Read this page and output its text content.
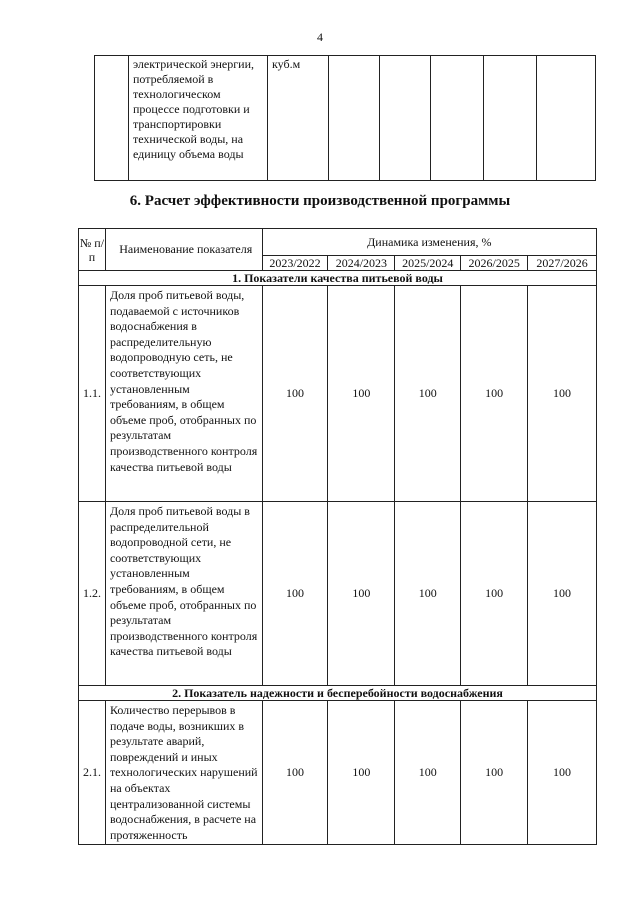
4
	электрической энергии, потребляемой в технологическом процессе подготовки и транспортировки технической воды, на единицу объема воды	куб.м					
6. Расчет эффективности производственной программы
№ п/п	Наименование показателя	Динамика изменения, %				
		2023/2022	2024/2023	2025/2024	2026/2025	2027/2026
1. Показатели качества питьевой воды						
1.1.	Доля проб питьевой воды, подаваемой с источников водоснабжения в распределительную водопроводную сеть, не соответствующих установленным требованиям, в общем объеме проб, отобранных по результатам производственного контроля качества питьевой воды	100	100	100	100	100
1.2.	Доля проб питьевой воды в распределительной водопроводной сети, не соответствующих установленным требованиям, в общем объеме проб, отобранных по результатам производственного контроля качества питьевой воды	100	100	100	100	100
2. Показатель надежности и бесперебойности водоснабжения						
2.1.	Количество перерывов в подаче воды, возникших в результате аварий, повреждений и иных технологических нарушений на объектах централизованной системы водоснабжения, в расчете на протяженность	100	100	100	100	100
